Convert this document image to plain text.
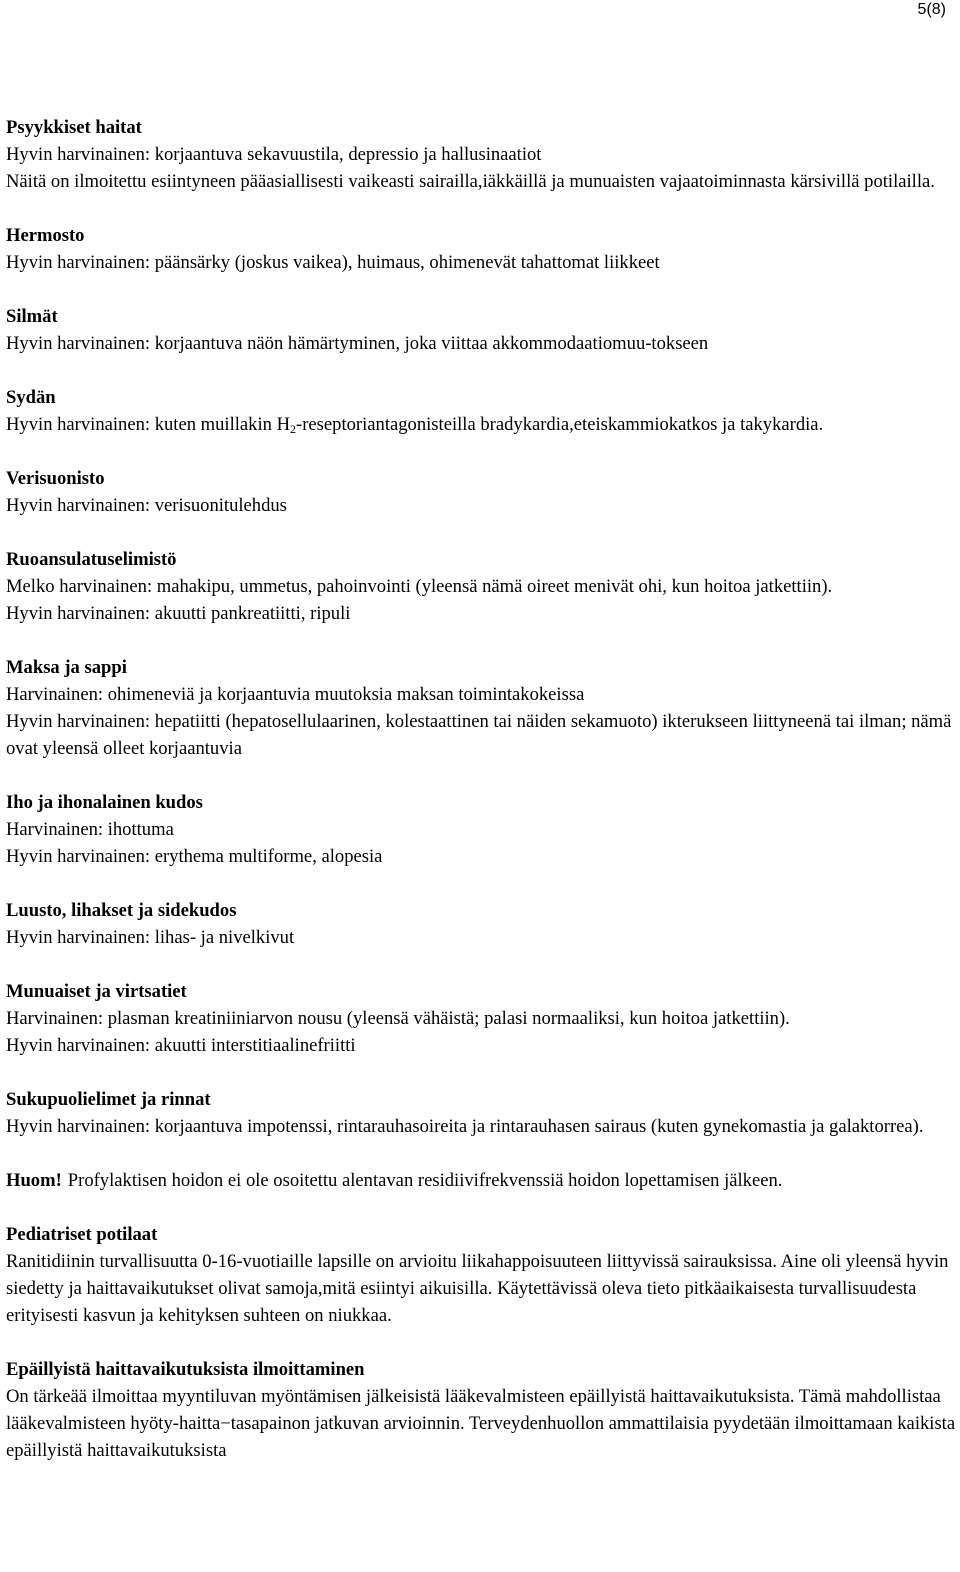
5(8)

Psyykkiset haitat

Hyvin harvinainen: korjaantuva sekavuustila, depressio ja hallusinaatiot

Näitä on ilmoitettu esiintyneen pääasiallisesti vaikeasti sairailla,iäkkäillä ja munuaisten vajaatoiminnasta kärsivillä potilailla.

Hermosto

Hyvin harvinainen: päänsärky (joskus vaikea), huimaus, ohimenevät tahattomat liikkeet

Silmät

Hyvin harvinainen: korjaantuva näön hämärtyminen, joka viittaa akkommodaatiomuu-tokseen

Sydän

Hyvin harvinainen: kuten muillakin $H_2$-reseptoriantagonisteilla bradykardia,eteiskammiokatkos ja takykardia.

Verisuonisto

Hyvin harvinainen: verisuonitulehdus

Ruoansulatuselimistö

Melko harvinainen: mahakipu, ummetus, pahoinvointi (yleensä nämä oireet menivät ohi, kun hoitoa jatkettiin).

Hyvin harvinainen: akuutti pankreatiitti, ripuli

Maksa ja sappi

Harvinainen: ohimeneviä ja korjaantuvia muutoksia maksan toimintakokeissa

Hyvin harvinainen: hepatiitti (hepatosellulaarinen, kolestaattinen tai näiden sekamuoto) ikterukseen liittyneenä tai ilman; nämä ovat yleensä olleet korjaantuvia

Iho ja ihonalainen kudos

Harvinainen: ihottuma

Hyvin harvinainen: erythema multiforme, alopesia

Luusto, lihakset ja sidekudos

Hyvin harvinainen: lihas- ja nivelkivut

Munuaiset ja virtsatiet

Harvinainen: plasman kreatiniiniarvon nousu (yleensä vähäistä; palasi normaaliksi, kun hoitoa jatkettiin).

Hyvin harvinainen: akuutti interstitiaalinefriitti

Sukupuolielimet ja rinnat

Hyvin harvinainen: korjaantuva impotenssi, rintarauhasoireita ja rintarauhasen sairaus (kuten gynekomastia ja galaktorrea).

Huom! Profylaktisen hoidon ei ole osoitettu alentavan residiivifrekvenssiä hoidon lopettamisen jälkeen.

Pediatriset potilaat

Ranitidiinin turvallisuutta 0-16-vuotiaille lapsille on arvioitu liikahappoisuuteen liittyvissä sairauksissa. Aine oli yleensä hyvin siedetty ja haittavaikutukset olivat samoja,mitä esiintyi aikuisilla. Käytettävissä oleva tieto pitkäaikaisesta turvallisuudesta erityisesti kasvun ja kehityksen suhteen on niukkaa.

Epäillyistä haittavaikutuksista ilmoittaminen

On tärkeää ilmoittaa myyntiluvan myöntämisen jälkeisistä lääkevalmisteen epäillyistä haittavaikutuksista. Tämä mahdollistaa lääkevalmisteen hyöty-haitta−tasapainon jatkuvan arvioinnin. Terveydenhuollon ammattilaisia pyydetään ilmoittamaan kaikista epäillyistä haittavaikutuksista
